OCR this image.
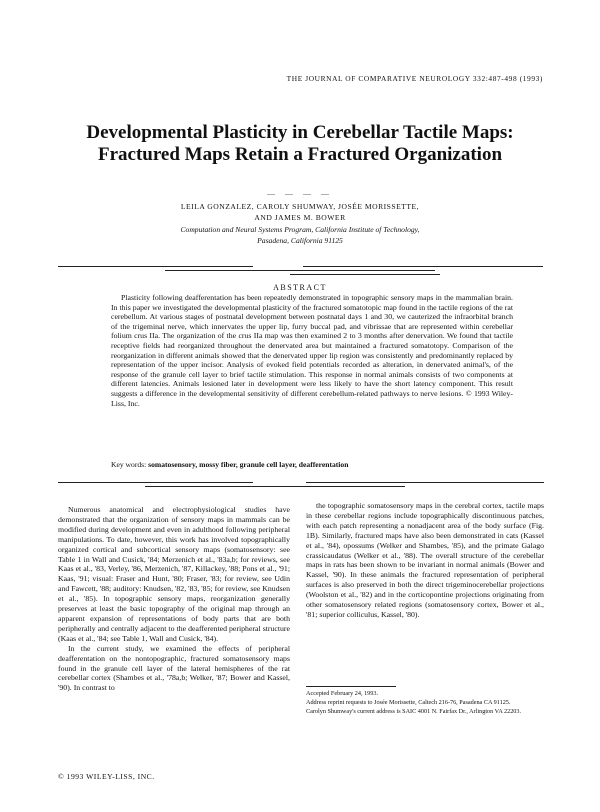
THE JOURNAL OF COMPARATIVE NEUROLOGY 332:487-498 (1993)
Developmental Plasticity in Cerebellar Tactile Maps: Fractured Maps Retain a Fractured Organization
— — — —
LEILA GONZALEZ, CAROLY SHUMWAY, JOSÉE MORISSETTE,
AND JAMES M. BOWER
Computation and Neural Systems Program, California Institute of Technology,
Pasadena, California 91125
ABSTRACT
Plasticity following deafferentation has been repeatedly demonstrated in topographic sensory maps in the mammalian brain. In this paper we investigated the developmental plasticity of the fractured somatotopic map found in the tactile regions of the rat cerebellum. At various stages of postnatal development between postnatal days 1 and 30, we cauterized the infraorbital branch of the trigeminal nerve, which innervates the upper lip, furry buccal pad, and vibrissae that are represented within cerebellar folium crus IIa. The organization of the crus IIa map was then examined 2 to 3 months after denervation. We found that tactile receptive fields had reorganized throughout the denervated area but maintained a fractured somatotopy. Comparison of the reorganization in different animals showed that the denervated upper lip region was consistently and predominantly replaced by representation of the upper incisor. Analysis of evoked field potentials recorded as alteration, in denervated animal's, of the response of the granule cell layer to brief tactile stimulation. This response in normal animals consists of two components at different latencies. Animals lesioned later in development were less likely to have the short latency component. This result suggests a difference in the developmental sensitivity of different cerebellum-related pathways to nerve lesions. © 1993 Wiley-Liss, Inc.
Key words: somatosensory, mossy fiber, granule cell layer, deafferentation

Numerous anatomical and electrophysiological studies have demonstrated that the organization of sensory maps in mammals can be modified during development and even in adulthood following peripheral manipulations. To date, however, this work has involved topographically organized cortical and subcortical sensory maps (somatosensory: see Table 1 in Wall and Cusick, '84; Merzenich et al., '83a,b; for reviews, see Kaas et al., '83, Verley, '86, Merzenich, '87, Killackey, '88; Pons et al., '91; Kaas, '91; visual: Fraser and Hunt, '80; Fraser, '83; for review, see Udin and Fawcett, '88; auditory: Knudsen, '82, '83, '85; for review, see Knudsen et al., '85). In topographic sensory maps, reorganization generally preserves at least the basic topography of the original map through an apparent expansion of representations of body parts that are both peripherally and centrally adjacent to the deafferented peripheral structure (Kaas et al., '84; see Table 1, Wall and Cusick, '84).

In the current study, we examined the effects of peripheral deafferentation on the nontopographic, fractured somatosensory maps found in the granule cell layer of the lateral hemispheres of the rat cerebellar cortex (Shambes et al., '78a,b; Welker, '87; Bower and Kassel, '90). In contrast to

the topographic somatosensory maps in the cerebral cortex, tactile maps in these cerebellar regions include topographically discontinuous patches, with each patch representing a nonadjacent area of the body surface (Fig. 1B). Similarly, fractured maps have also been demonstrated in cats (Kassel et al., '84), opossums (Welker and Shambes, '85), and the primate Galago crassicaudatus (Welker et al., '88). The overall structure of the cerebellar maps in rats has been shown to be invariant in normal animals (Bower and Kassel, '90). In these animals the fractured representation of peripheral surfaces is also preserved in both the direct trigeminocerebellar projections (Woolston et al., '82) and in the corticopontine projections originating from other somatosensory related regions (somatosensory cortex, Bower et al., '81; superior colliculus, Kassel, '80).

Accepted February 24, 1993.
Address reprint requests to Josée Morissette, Caltech 216-76, Pasadena CA 91125.
Carolyn Shumway's current address is SAIC 4001 N. Fairfax Dr., Arlington VA 22203.
© 1993 WILEY-LISS, INC.
